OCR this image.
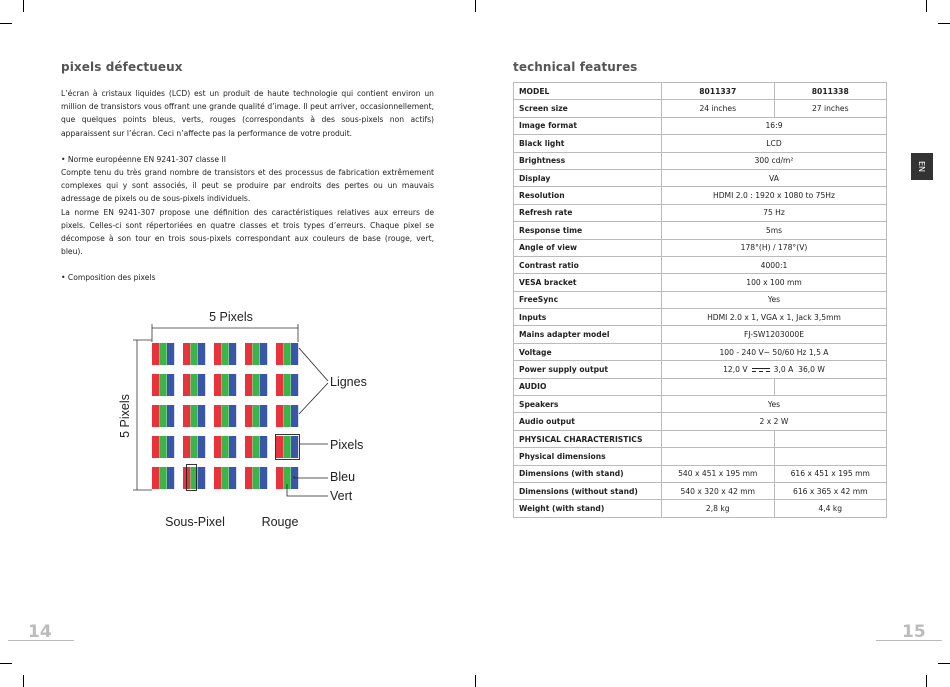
pixels défectueux

L’écran à cristaux liquides (LCD) est un produit de haute technologie qui contient environ un million de transistors vous offrant une grande qualité d’image. Il peut arriver, occasionnellement, que quelques points bleus, verts, rouges (correspondants à des sous-pixels non actifs) apparaissent sur l’écran. Ceci n’affecte pas la performance de votre produit.

• Norme européenne EN 9241-307 classe II

Compte tenu du très grand nombre de transistors et des processus de fabrication extrêmement complexes qui y sont associés, il peut se produire par endroits des pertes ou un mauvais adressage de pixels ou de sous-pixels individuels.

La norme EN 9241-307 propose une définition des caractéristiques relatives aux erreurs de pixels. Celles-ci sont répertoriées en quatre classes et trois types d’erreurs. Chaque pixel se décompose à son tour en trois sous-pixels correspondant aux couleurs de base (rouge, vert, bleu).

• Composition des pixels

5 Pixels
5 Pixels
Lignes
Pixels
Bleu
Vert
Sous-Pixel	Rouge
14
technical features
MODEL	8011337	8011338
Screen size	24 inches	27 inches
Image format	16:9	
Black light	LCD	
Brightness	300 cd/m²	
Display	VA	
Resolution	HDMI 2.0 : 1920 x 1080 to 75Hz	
Refresh rate	75 Hz	
Response time	5ms	
Angle of view	178°(H) / 178°(V)	
Contrast ratio	4000:1	
VESA bracket	100 x 100 mm	
FreeSync	Yes	
Inputs	HDMI 2.0 x 1, VGA x 1, Jack 3,5mm	
Mains adapter model	FJ-SW1203000E	
Voltage	100 - 240 V~ 50/60 Hz 1,5 A	
Power supply output	12,0 V 3,0 A  36,0 W	
AUDIO		
Speakers	Yes	
Audio output	2 x 2 W	
PHYSICAL CHARACTERISTICS		
Physical dimensions		
Dimensions (with stand)	540 x 451 x 195 mm	616 x 451 x 195 mm
Dimensions (without stand)	540 x 320 x 42 mm	616 x 365 x 42 mm
Weight (with stand)	2,8 kg	4,4 kg
EN
15
